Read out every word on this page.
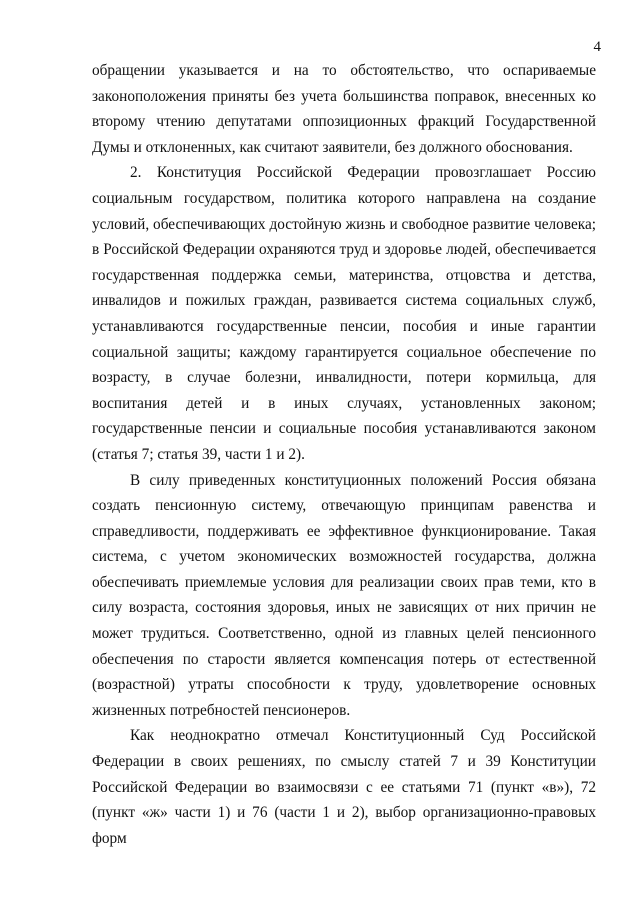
4

обращении указывается и на то обстоятельство, что оспариваемые законоположения приняты без учета большинства поправок, внесенных ко второму чтению депутатами оппозиционных фракций Государственной Думы и отклоненных, как считают заявители, без должного обоснования.

2. Конституция Российской Федерации провозглашает Россию социальным государством, политика которого направлена на создание условий, обеспечивающих достойную жизнь и свободное развитие человека; в Российской Федерации охраняются труд и здоровье людей, обеспечивается государственная поддержка семьи, материнства, отцовства и детства, инвалидов и пожилых граждан, развивается система социальных служб, устанавливаются государственные пенсии, пособия и иные гарантии социальной защиты; каждому гарантируется социальное обеспечение по возрасту, в случае болезни, инвалидности, потери кормильца, для воспитания детей и в иных случаях, установленных законом; государственные пенсии и социальные пособия устанавливаются законом (статья 7; статья 39, части 1 и 2).

В силу приведенных конституционных положений Россия обязана создать пенсионную систему, отвечающую принципам равенства и справедливости, поддерживать ее эффективное функционирование. Такая система, с учетом экономических возможностей государства, должна обеспечивать приемлемые условия для реализации своих прав теми, кто в силу возраста, состояния здоровья, иных не зависящих от них причин не может трудиться. Соответственно, одной из главных целей пенсионного обеспечения по старости является компенсация потерь от естественной (возрастной) утраты способности к труду, удовлетворение основных жизненных потребностей пенсионеров.

Как неоднократно отмечал Конституционный Суд Российской Федерации в своих решениях, по смыслу статей 7 и 39 Конституции Российской Федерации во взаимосвязи с ее статьями 71 (пункт «в»), 72 (пункт «ж» части 1) и 76 (части 1 и 2), выбор организационно-правовых форм
